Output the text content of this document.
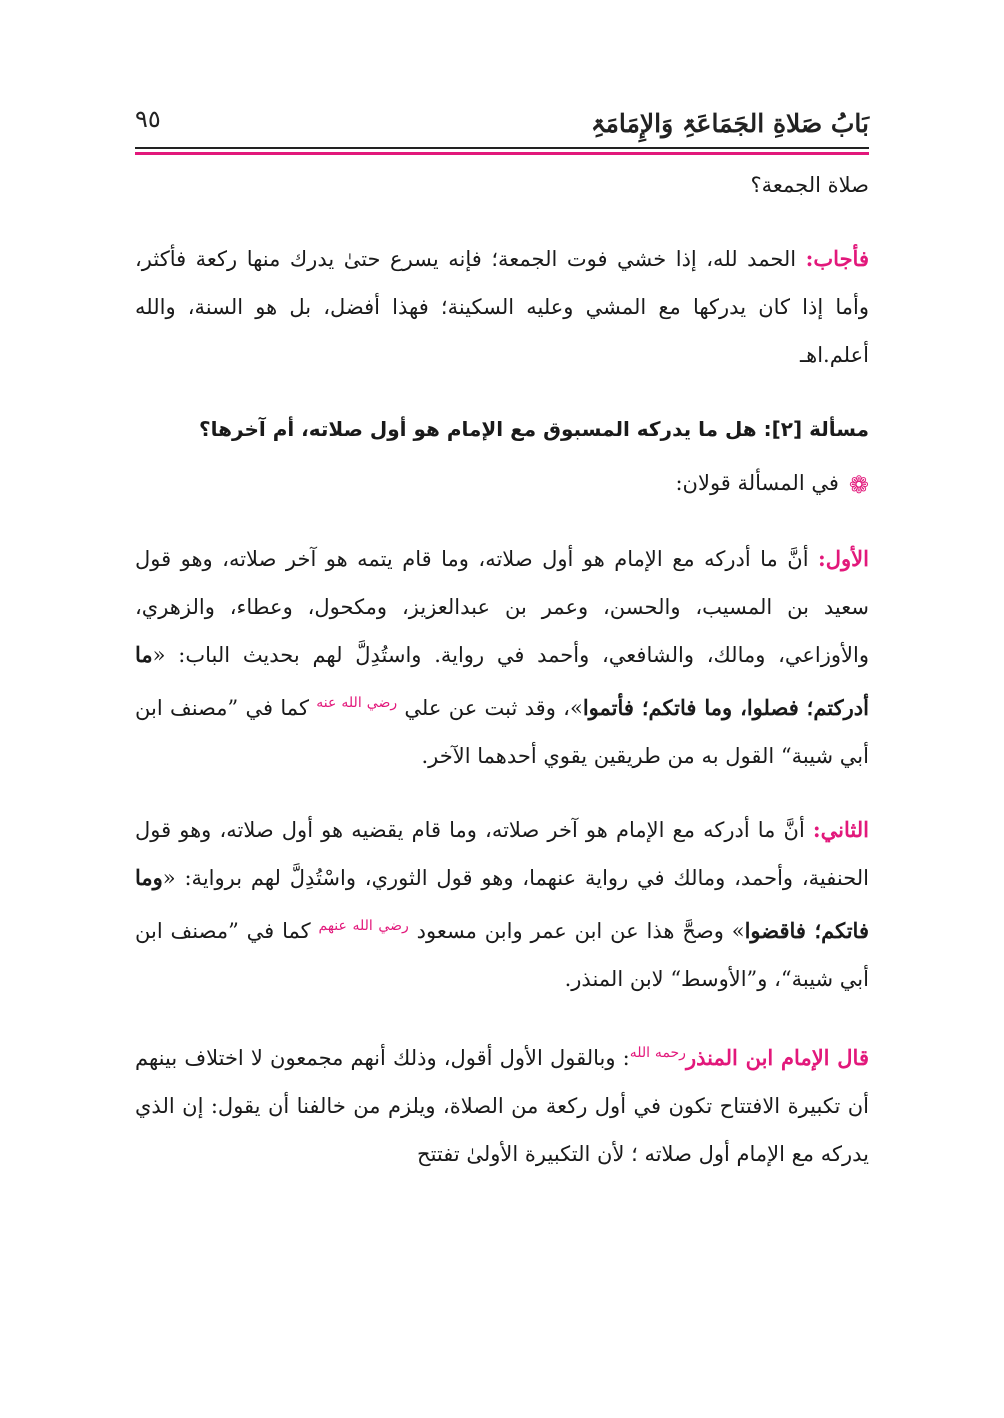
بَابُ صَلاةِ الجَمَاعَۃِ وَالإِمَامَۃِ
٩٥

صلاة الجمعة؟

فأجاب: الحمد لله، إذا خشي فوت الجمعة؛ فإنه يسرع حتىٰ يدرك منها ركعة فأكثر، وأما إذا كان يدركها مع المشي وعليه السكينة؛ فهذا أفضل، بل هو السنة، والله أعلم.اهـ

مسألة [٢]: هل ما يدركه المسبوق مع الإمام هو أول صلاته، أم آخرها؟

❁في المسألة قولان:

الأول: أنَّ ما أدركه مع الإمام هو أول صلاته، وما قام يتمه هو آخر صلاته، وهو قول سعيد بن المسيب، والحسن، وعمر بن عبدالعزيز، ومكحول، وعطاء، والزهري، والأوزاعي، ومالك، والشافعي، وأحمد في رواية. واستُدِلَّ لهم بحديث الباب: «ما أدركتم؛ فصلوا، وما فاتكم؛ فأتموا»، وقد ثبت عن علي $^{رضي الله عنه}$ كما في ”مصنف ابن أبي شيبة“ القول به من طريقين يقوي أحدهما الآخر.

الثاني: أنَّ ما أدركه مع الإمام هو آخر صلاته، وما قام يقضيه هو أول صلاته، وهو قول الحنفية، وأحمد، ومالك في رواية عنهما، وهو قول الثوري، واسْتُدِلَّ لهم برواية: «وما فاتكم؛ فاقضوا» وصحَّ هذا عن ابن عمر وابن مسعود $^{رضي الله عنهم}$ كما في ”مصنف ابن أبي شيبة“، و”الأوسط“ لابن المنذر.

قال الإمام ابن المنذر$^{رحمه الله}$: وبالقول الأول أقول، وذلك أنهم مجمعون لا اختلاف بينهم أن تكبيرة الافتتاح تكون في أول ركعة من الصلاة، ويلزم من خالفنا أن يقول: إن الذي يدركه مع الإمام أول صلاته ؛ لأن التكبيرة الأولىٰ تفتتح
